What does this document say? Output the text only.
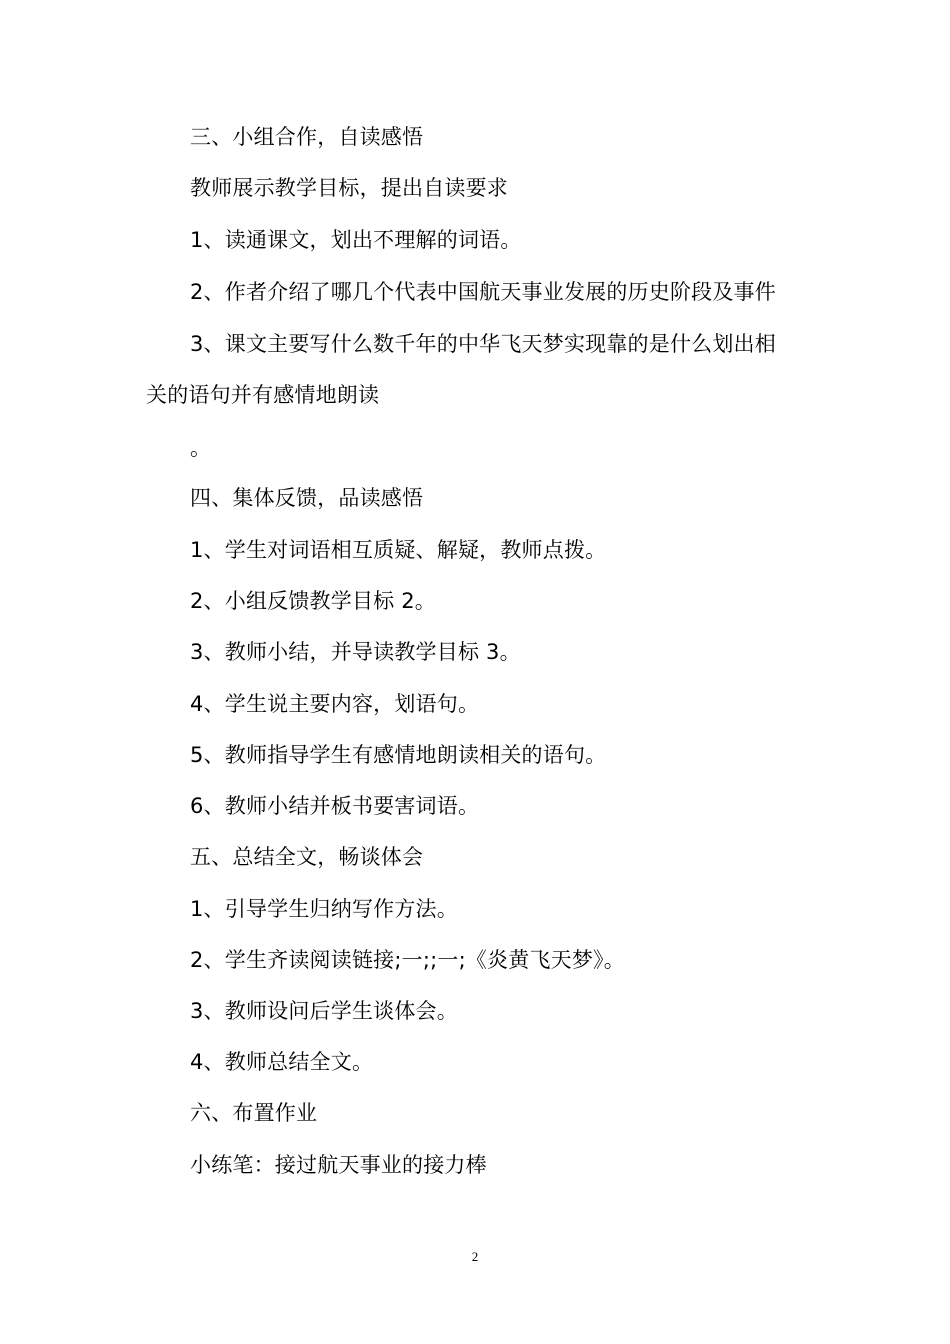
三、小组合作，自读感悟
教师展示教学目标，提出自读要求
1、读通课文，划出不理解的词语。
2、作者介绍了哪几个代表中国航天事业发展的历史阶段及事件
3、课文主要写什么数千年的中华飞天梦实现靠的是什么划出相
关的语句并有感情地朗读
。
四、集体反馈，品读感悟
1、学生对词语相互质疑、解疑，教师点拨。
2、小组反馈教学目标 2。
3、教师小结，并导读教学目标 3。
4、学生说主要内容，划语句。
5、教师指导学生有感情地朗读相关的语句。
6、教师小结并板书要害词语。
五、总结全文，畅谈体会
1、引导学生归纳写作方法。
2、学生齐读阅读链接;一;;一;《炎黄飞天梦》。
3、教师设问后学生谈体会。
4、教师总结全文。
六、布置作业
小练笔：接过航天事业的接力棒
2
